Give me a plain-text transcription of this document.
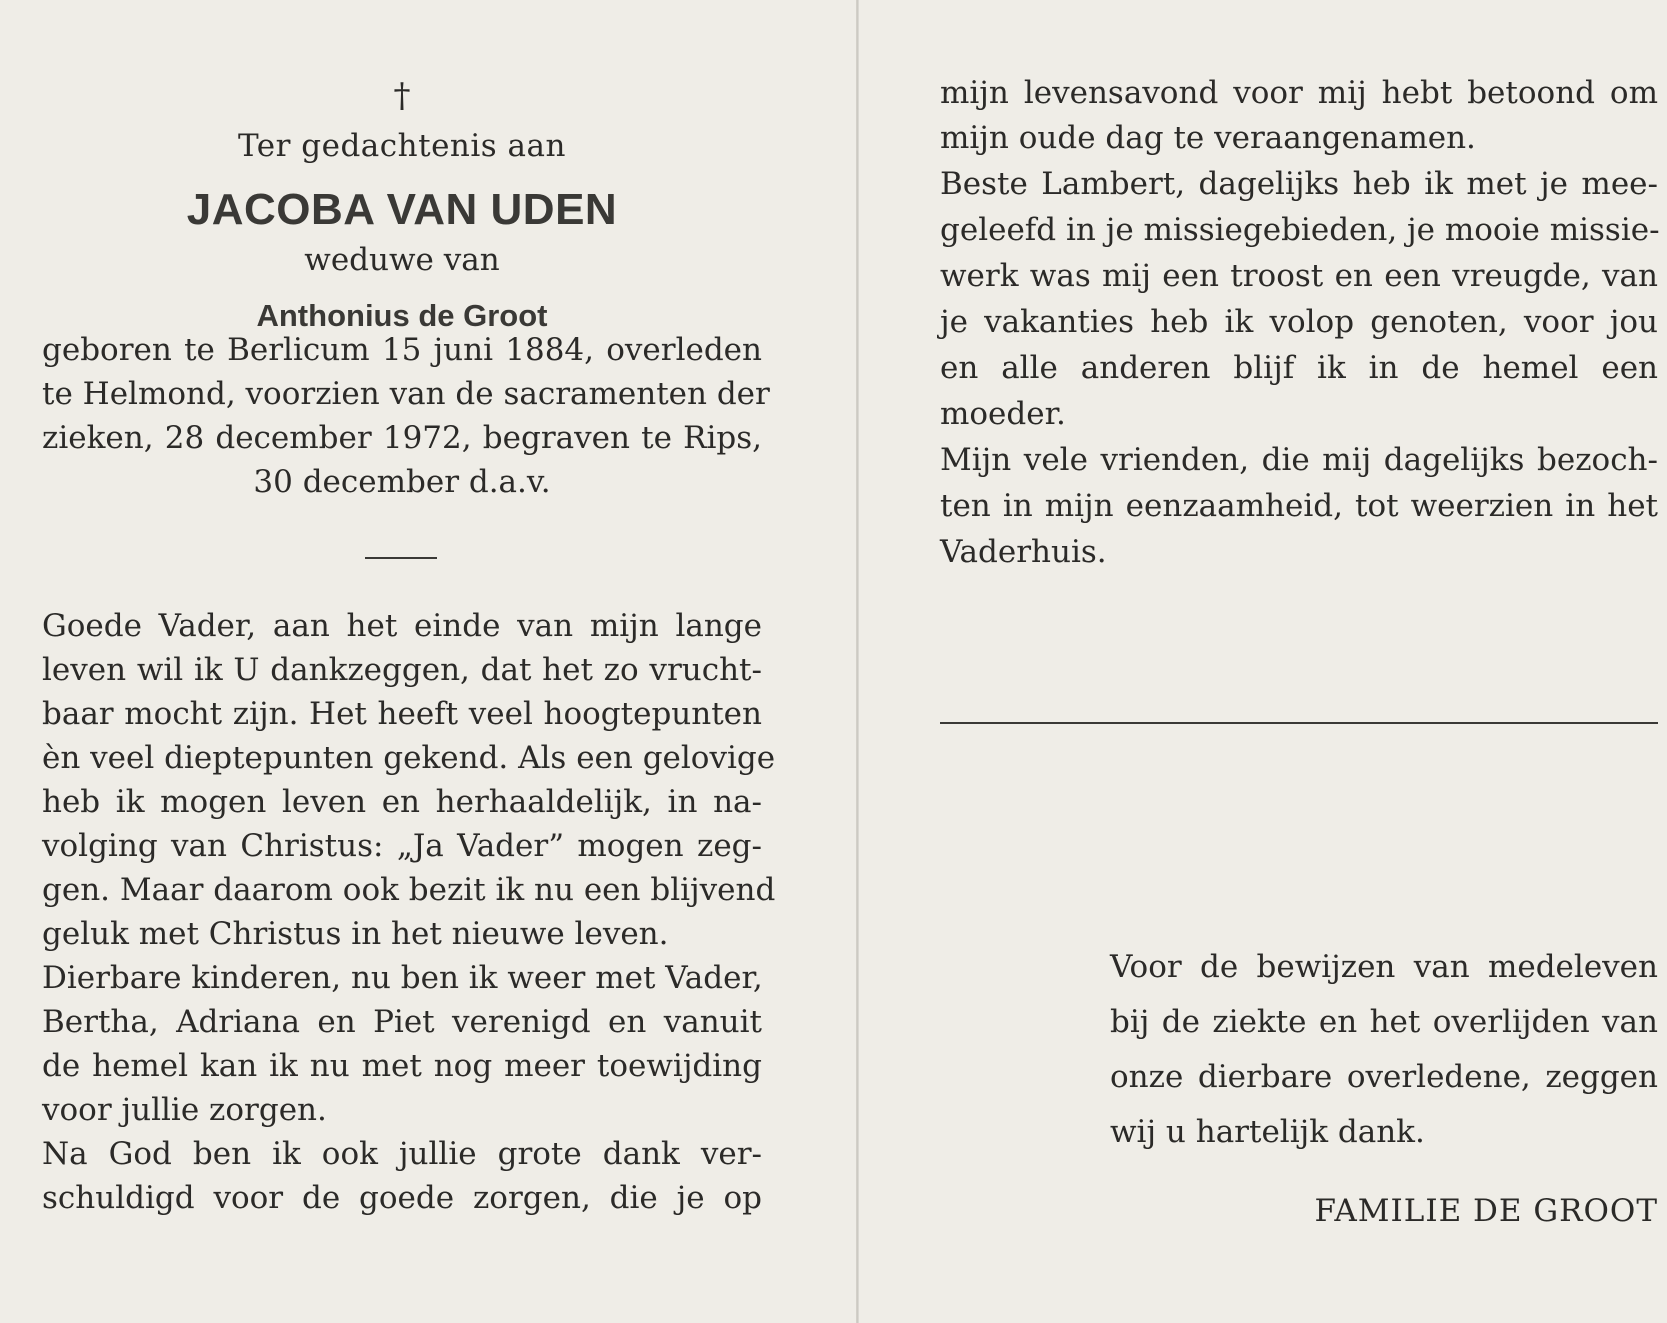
†
Ter gedachtenis aan
JACOBA VAN UDEN
weduwe van
Anthonius de Groot
geboren te Berlicum 15 juni 1884, overleden
te Helmond, voorzien van de sacramenten der
zieken, 28 december 1972, begraven te Rips,
30 december d.a.v.
Goede Vader, aan het einde van mijn lange
leven wil ik U dankzeggen, dat het zo vrucht-
baar mocht zijn. Het heeft veel hoogtepunten
èn veel dieptepunten gekend. Als een gelovige
heb ik mogen leven en herhaaldelijk, in na-
volging van Christus: „Ja Vader” mogen zeg-
gen. Maar daarom ook bezit ik nu een blijvend
geluk met Christus in het nieuwe leven.
Dierbare kinderen, nu ben ik weer met Vader,
Bertha, Adriana en Piet verenigd en vanuit
de hemel kan ik nu met nog meer toewijding
voor jullie zorgen.
Na God ben ik ook jullie grote dank ver-
schuldigd voor de goede zorgen, die je op
mijn levensavond voor mij hebt betoond om
mijn oude dag te veraangenamen.
Beste Lambert, dagelijks heb ik met je mee-
geleefd in je missiegebieden, je mooie missie-
werk was mij een troost en een vreugde, van
je vakanties heb ik volop genoten, voor jou
en alle anderen blijf ik in de hemel een
moeder.
Mijn vele vrienden, die mij dagelijks bezoch-
ten in mijn eenzaamheid, tot weerzien in het
Vaderhuis.
Voor de bewijzen van medeleven
bij de ziekte en het overlijden van
onze dierbare overledene, zeggen
wij u hartelijk dank.
FAMILIE DE GROOT
